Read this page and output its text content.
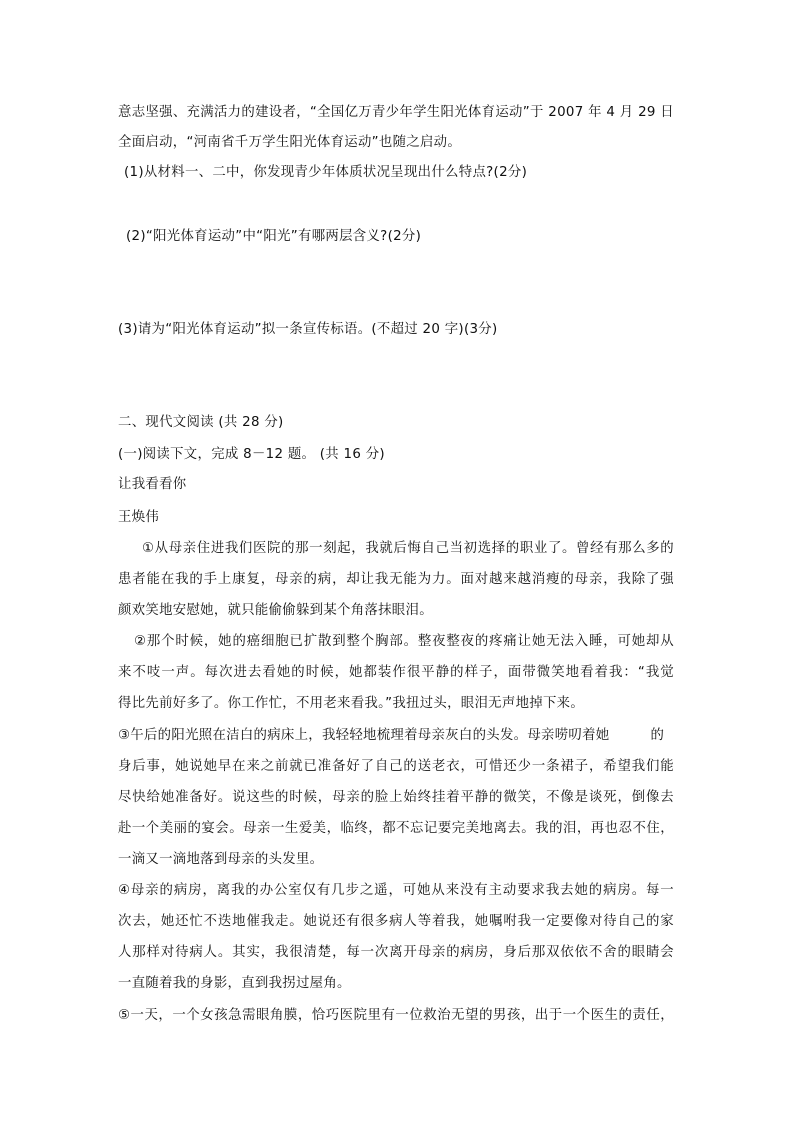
意志坚强、充满活力的建设者，“全国亿万青少年学生阳光体育运动”于 2007 年 4 月 29 日
全面启动，“河南省千万学生阳光体育运动”也随之启动。
(1)从材料一、二中，你发现青少年体质状况呈现出什么特点?(2分)
(2)“阳光体育运动”中“阳光”有哪两层含义?(2分)
(3)请为“阳光体育运动”拟一条宣传标语。(不超过 20 字)(3分)
二、现代文阅读 (共 28 分)
(一)阅读下文，完成 8－12 题。 (共 16 分)
让我看看你
王焕伟
①从母亲住进我们医院的那一刻起，我就后悔自己当初选择的职业了。曾经有那么多的
患者能在我的手上康复，母亲的病，却让我无能为力。面对越来越消瘦的母亲，我除了强
颜欢笑地安慰她，就只能偷偷躲到某个角落抹眼泪。
②那个时候，她的癌细胞已扩散到整个胸部。整夜整夜的疼痛让她无法入睡，可她却从
来不吱一声。每次进去看她的时候，她都装作很平静的样子，面带微笑地看着我：“我觉
得比先前好多了。你工作忙，不用老来看我。”我扭过头，眼泪无声地掉下来。
③午后的阳光照在洁白的病床上，我轻轻地梳理着母亲灰白的头发。母亲唠叨着她         的
身后事，她说她早在来之前就已准备好了自己的送老衣，可惜还少一条裙子，希望我们能
尽快给她准备好。说这些的时候，母亲的脸上始终挂着平静的微笑，不像是谈死，倒像去
赴一个美丽的宴会。母亲一生爱美，临终，都不忘记要完美地离去。我的泪，再也忍不住，
一滴又一滴地落到母亲的头发里。
④母亲的病房，离我的办公室仅有几步之遥，可她从来没有主动要求我去她的病房。每一
次去，她还忙不迭地催我走。她说还有很多病人等着我，她嘱咐我一定要像对待自己的家
人那样对待病人。其实，我很清楚，每一次离开母亲的病房，身后那双依依不舍的眼睛会
一直随着我的身影，直到我拐过屋角。
⑤一天，一个女孩急需眼角膜，恰巧医院里有一位救治无望的男孩，出于一个医生的责任，
